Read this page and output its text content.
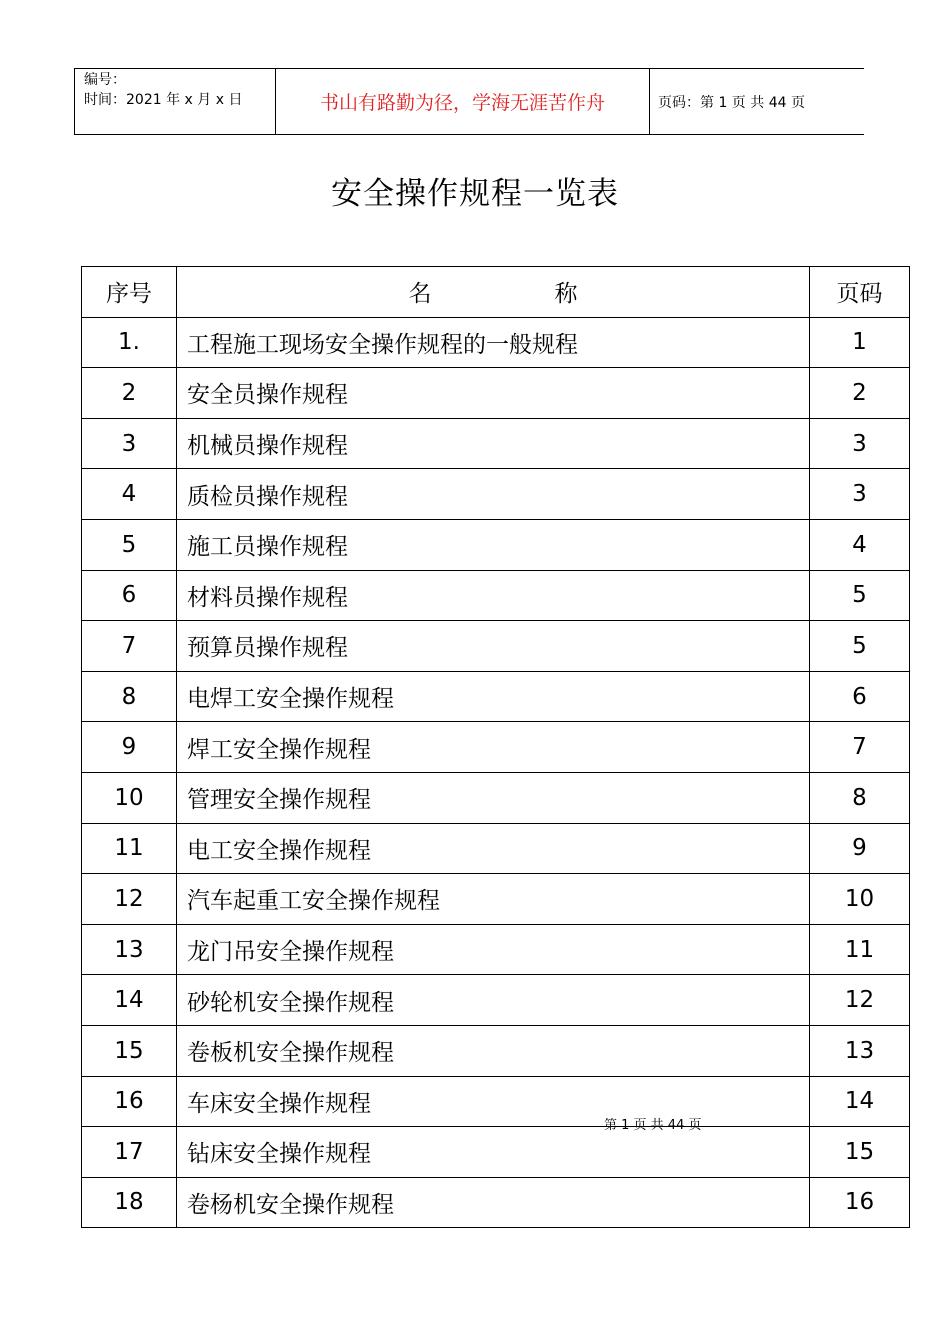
编号：
时间：2021 年 x 月 x 日	书山有路勤为径，学海无涯苦作舟	页码：第 1 页 共 44 页
安全操作规程一览表
序号	名 称	页码
1.	工程施工现场安全操作规程的一般规程	1
2	安全员操作规程	2
3	机械员操作规程	3
4	质检员操作规程	3
5	施工员操作规程	4
6	材料员操作规程	5
7	预算员操作规程	5
8	电焊工安全操作规程	6
9	焊工安全操作规程	7
10	管理安全操作规程	8
11	电工安全操作规程	9
12	汽车起重工安全操作规程	10
13	龙门吊安全操作规程	11
14	砂轮机安全操作规程	12
15	卷板机安全操作规程	13
16	车床安全操作规程	14
17	钻床安全操作规程	15
18	卷杨机安全操作规程	16
第 1 页 共 44 页
